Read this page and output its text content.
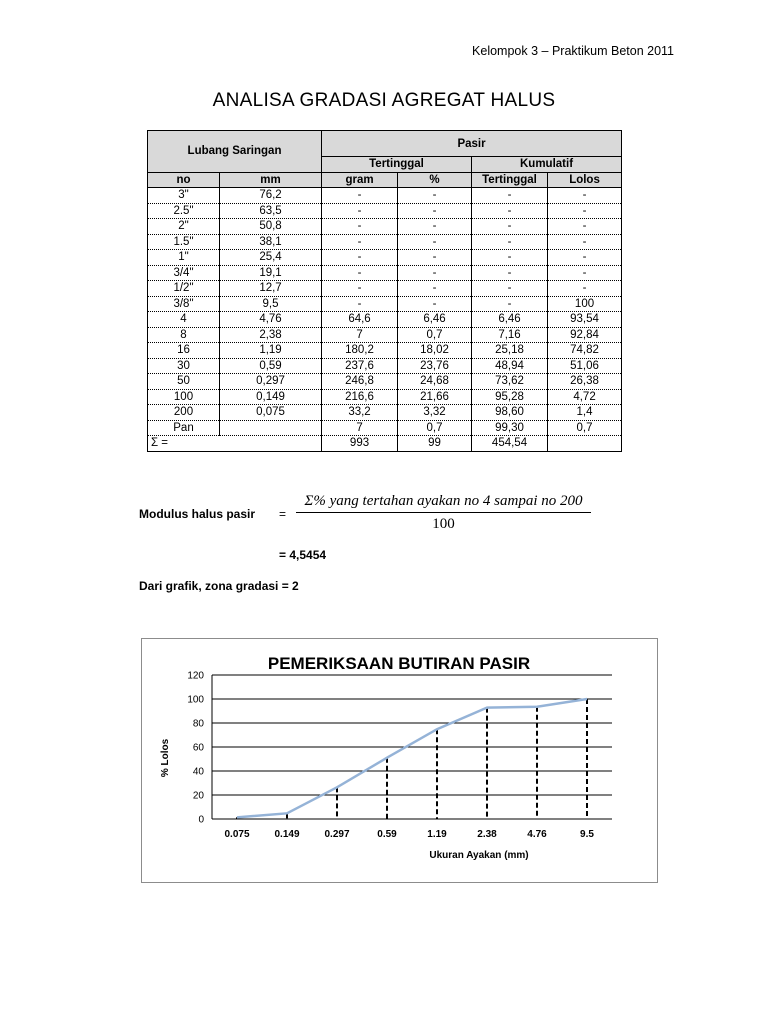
Kelompok 3 – Praktikum Beton 2011
ANALISA GRADASI AGREGAT HALUS
Lubang Saringan		Pasir			
		Tertinggal		Kumulatif	
no	mm	gram	%	Tertinggal	Lolos
3"	76,2	-	-	-	-
2.5"	63,5	-	-	-	-
2"	50,8	-	-	-	-
1.5"	38,1	-	-	-	-
1"	25,4	-	-	-	-
3/4"	19,1	-	-	-	-
1/2"	12,7	-	-	-	-
3/8"	9,5	-	-	-	100
4	4,76	64,6	6,46	6,46	93,54
8	2,38	7	0,7	7,16	92,84
16	1,19	180,2	18,02	25,18	74,82
30	0,59	237,6	23,76	48,94	51,06
50	0,297	246,8	24,68	73,62	26,38
100	0,149	216,6	21,66	95,28	4,72
200	0,075	33,2	3,32	98,60	1,4
Pan		7	0,7	99,30	0,7
Σ =		993	99	454,54	
Modulus halus pasir =
Σ% yang tertahan ayakan no 4 sampai no 200
100
= 4,5454
Dari grafik, zona gradasi = 2
PEMERIKSAAN BUTIRAN PASIR
Ukuran Ayakan (mm)
% Lolos
0
20
40
60
80
100
120
0.075 0.149 0.297	0.59	1.19	2.38	4.76	9.5
